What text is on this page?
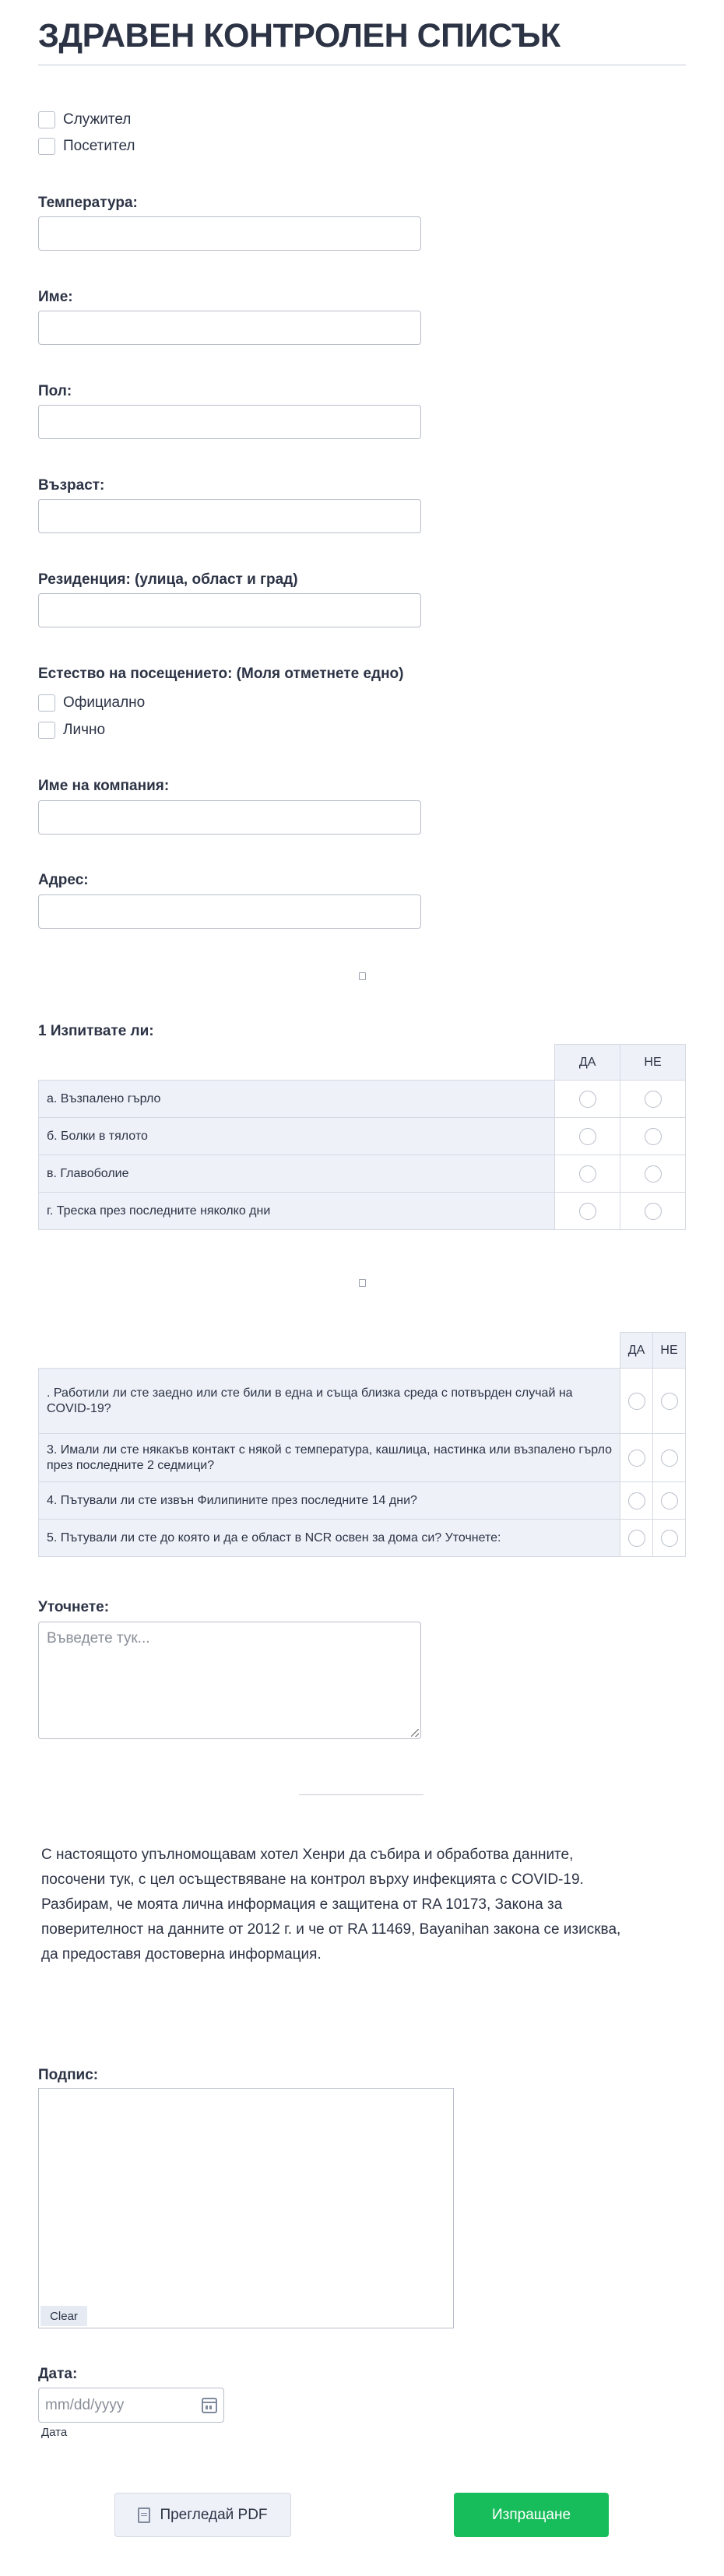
ЗДРАВЕН КОНТРОЛЕН СПИСЪК
Служител
Посетител
Температура:
Име:
Пол:
Възраст:
Резиденция: (улица, област и град)
Естество на посещението: (Моля отметнете едно)
Официално
Лично
Име на компания:
Адрес:
1 Изпитвате ли:
	ДА	НЕ
а. Възпалено гърло		
б. Болки в тялото		
в. Главоболие		
г. Треска през последните няколко дни		
	ДА	НЕ
. Работили ли сте заедно или сте били в една и съща близка среда с потвърден случай на COVID-19?		
3. Имали ли сте някакъв контакт с някой с температура, кашлица, настинка или възпалено гърло през последните 2 седмици?		
4. Пътували ли сте извън Филипините през последните 14 дни?		
5. Пътували ли сте до която и да е област в NCR освен за дома си? Уточнете:		
Уточнете:
Въведете тук...
С настоящото упълномощавам хотел Хенри да събира и обработва данните, посочени тук, с цел осъществяване на контрол върху инфекцията с COVID-19. Разбирам, че моята лична информация е защитена от RA 10173, Закона за поверителност на данните от 2012 г. и че от RA 11469, Bayanihan закона се изисква, да предоставя достоверна информация.
Подпис:
Clear
Дата:
mm/dd/yyyy
Дата
Прегледай PDF	Изпращане
